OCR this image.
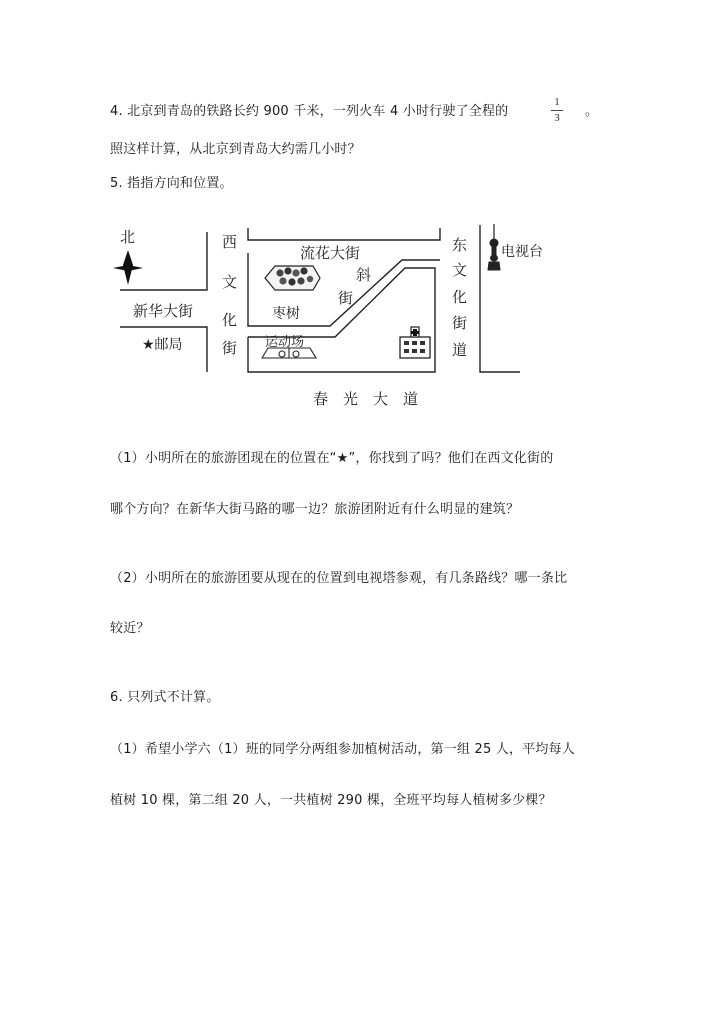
4. 北京到青岛的铁路长约 900 千米，一列火车 4 小时行驶了全程的
1
3 。
照这样计算，从北京到青岛大约需几小时？
5. 指指方向和位置。
北	西
文
化
街
流花大街
斜
街
东
文
化
街
道
电视台
新华大街
★邮局
枣树
运动场
春　光　大　道
（1）小明所在的旅游团现在的位置在“★”，你找到了吗？他们在西文化街的
哪个方向？在新华大街马路的哪一边？旅游团附近有什么明显的建筑？
（2）小明所在的旅游团要从现在的位置到电视塔参观，有几条路线？哪一条比
较近？
6. 只列式不计算。
（1）希望小学六（1）班的同学分两组参加植树活动，第一组 25 人，平均每人
植树 10 棵，第二组 20 人，一共植树 290 棵，全班平均每人植树多少棵？
